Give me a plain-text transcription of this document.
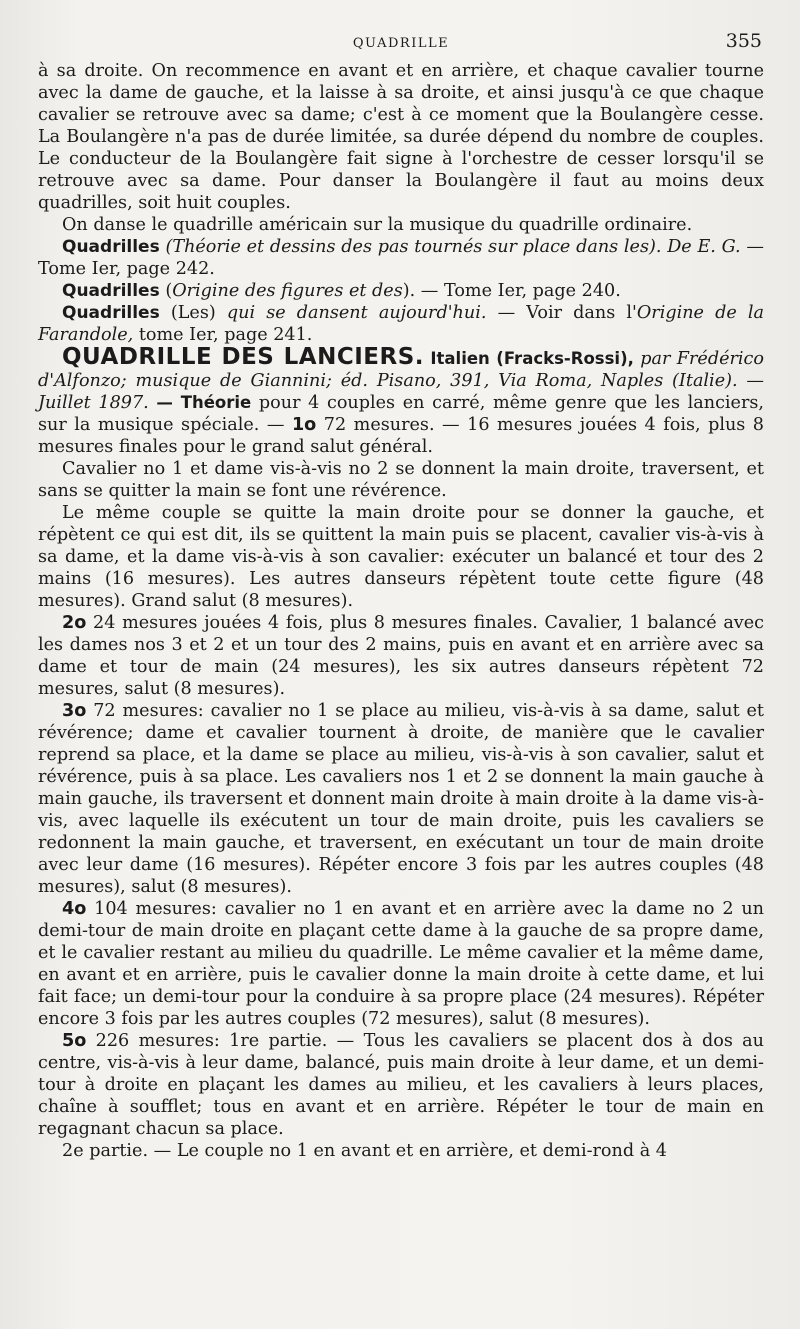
QUADRILLE	355

à sa droite. On recommence en avant et en arrière, et chaque cavalier tourne avec la dame de gauche, et la laisse à sa droite, et ainsi jusqu'à ce que chaque cavalier se retrouve avec sa dame; c'est à ce moment que la Boulangère cesse. La Boulangère n'a pas de durée limitée, sa durée dépend du nombre de couples. Le conducteur de la Boulangère fait signe à l'orchestre de cesser lorsqu'il se retrouve avec sa dame. Pour danser la Boulangère il faut au moins deux quadrilles, soit huit couples.

On danse le quadrille américain sur la musique du quadrille ordinaire.

Quadrilles (Théorie et dessins des pas tournés sur place dans les). De E. G. — Tome Ier, page 242.

Quadrilles (Origine des figures et des). — Tome Ier, page 240.

Quadrilles (Les) qui se dansent aujourd'hui. — Voir dans l'Origine de la Farandole, tome Ier, page 241.

QUADRILLE DES LANCIERS. Italien (Fracks-Rossi), par Frédérico d'Alfonzo; musique de Giannini; éd. Pisano, 391, Via Roma, Naples (Italie). — Juillet 1897. — Théorie pour 4 couples en carré, même genre que les lanciers, sur la musique spéciale. — 1o 72 mesures. — 16 mesures jouées 4 fois, plus 8 mesures finales pour le grand salut général.

Cavalier no 1 et dame vis-à-vis no 2 se donnent la main droite, traversent, et sans se quitter la main se font une révérence.

Le même couple se quitte la main droite pour se donner la gauche, et répètent ce qui est dit, ils se quittent la main puis se placent, cavalier vis-à-vis à sa dame, et la dame vis-à-vis à son cavalier: exécuter un balancé et tour des 2 mains (16 mesures). Les autres danseurs répètent toute cette figure (48 mesures). Grand salut (8 mesures).

2o 24 mesures jouées 4 fois, plus 8 mesures finales. Cavalier, 1 balancé avec les dames nos 3 et 2 et un tour des 2 mains, puis en avant et en arrière avec sa dame et tour de main (24 mesures), les six autres danseurs répètent 72 mesures, salut (8 mesures).

3o 72 mesures: cavalier no 1 se place au milieu, vis-à-vis à sa dame, salut et révérence; dame et cavalier tournent à droite, de manière que le cavalier reprend sa place, et la dame se place au milieu, vis-à-vis à son cavalier, salut et révérence, puis à sa place. Les cavaliers nos 1 et 2 se donnent la main gauche à main gauche, ils traversent et donnent main droite à main droite à la dame vis-à-vis, avec laquelle ils exécutent un tour de main droite, puis les cavaliers se redonnent la main gauche, et traversent, en exécutant un tour de main droite avec leur dame (16 mesures). Répéter encore 3 fois par les autres couples (48 mesures), salut (8 mesures).

4o 104 mesures: cavalier no 1 en avant et en arrière avec la dame no 2 un demi-tour de main droite en plaçant cette dame à la gauche de sa propre dame, et le cavalier restant au milieu du quadrille. Le même cavalier et la même dame, en avant et en arrière, puis le cavalier donne la main droite à cette dame, et lui fait face; un demi-tour pour la conduire à sa propre place (24 mesures). Répéter encore 3 fois par les autres couples (72 mesures), salut (8 mesures).

5o 226 mesures: 1re partie. — Tous les cavaliers se placent dos à dos au centre, vis-à-vis à leur dame, balancé, puis main droite à leur dame, et un demi-tour à droite en plaçant les dames au milieu, et les cavaliers à leurs places, chaîne à soufflet; tous en avant et en arrière. Répéter le tour de main en regagnant chacun sa place.

2e partie. — Le couple no 1 en avant et en arrière, et demi-rond à 4
